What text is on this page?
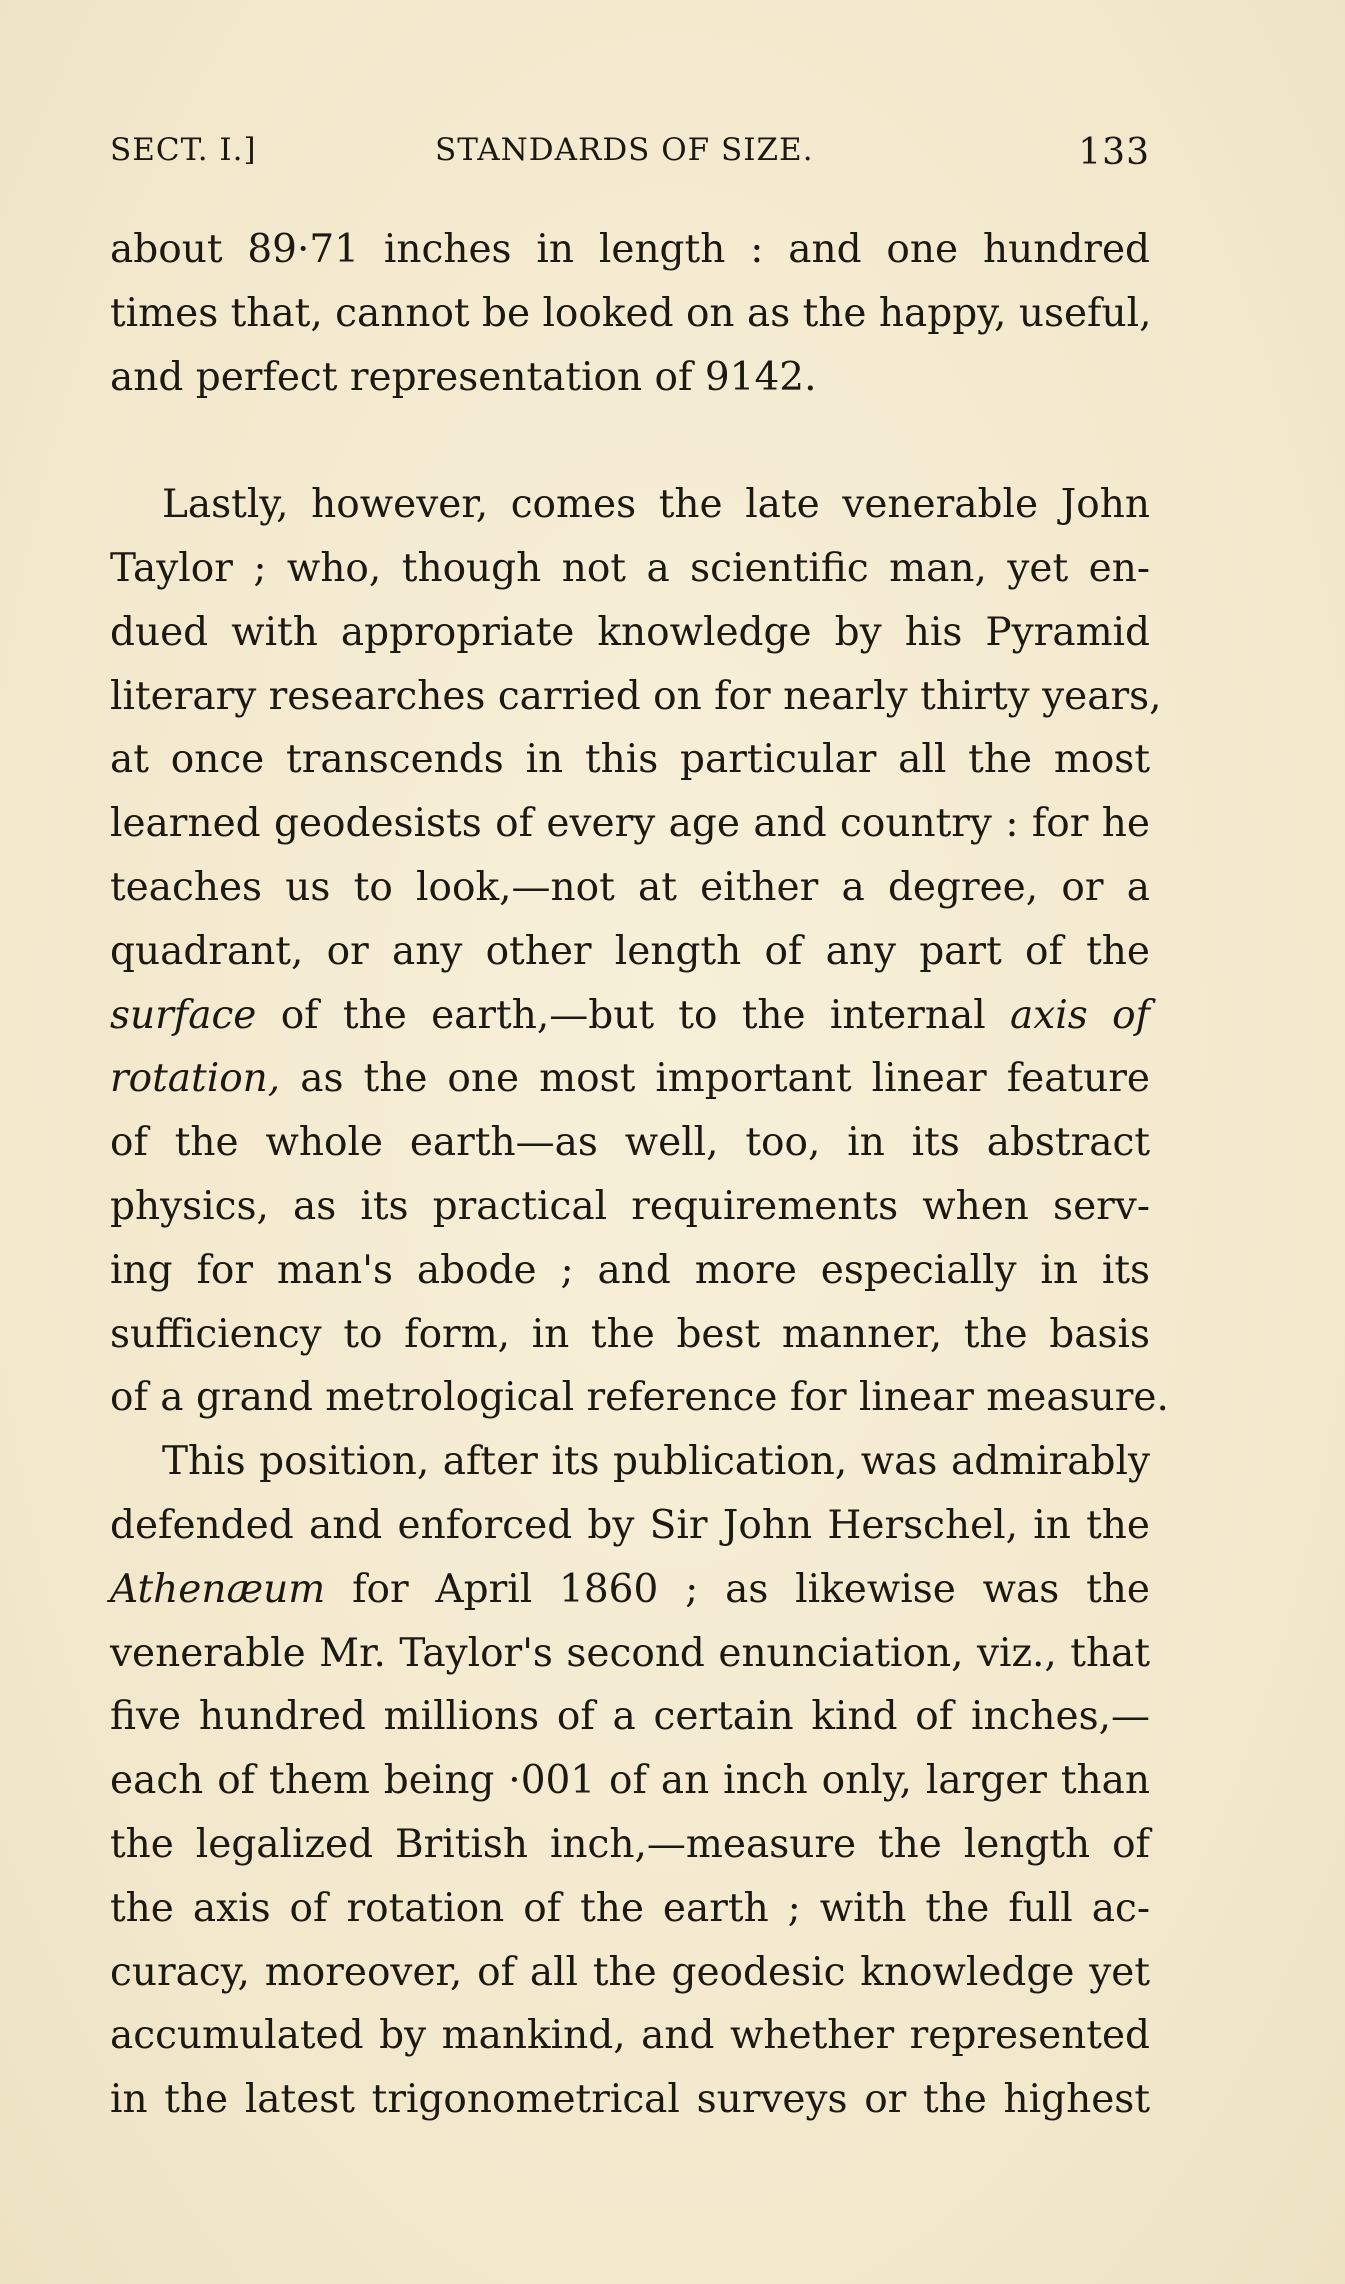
SECT. I.]	STANDARDS OF SIZE.	133
about 89·71 inches in length : and one hundred
times that, cannot be looked on as the happy, useful,
and perfect representation of 9142.
Lastly, however, comes the late venerable John
Taylor ; who, though not a scientific man, yet en-
dued with appropriate knowledge by his Pyramid
literary researches carried on for nearly thirty years,
at once transcends in this particular all the most
learned geodesists of every age and country : for he
teaches us to look,—not at either a degree, or a
quadrant, or any other length of any part of the
surface of the earth,—but to the internal axis of
rotation, as the one most important linear feature
of the whole earth—as well, too, in its abstract
physics, as its practical requirements when serv-
ing for man's abode ; and more especially in its
sufficiency to form, in the best manner, the basis
of a grand metrological reference for linear measure.
This position, after its publication, was admirably
defended and enforced by Sir John Herschel, in the
Athenæum for April 1860 ; as likewise was the
venerable Mr. Taylor's second enunciation, viz., that
five hundred millions of a certain kind of inches,—
each of them being ·001 of an inch only, larger than
the legalized British inch,—measure the length of
the axis of rotation of the earth ; with the full ac-
curacy, moreover, of all the geodesic knowledge yet
accumulated by mankind, and whether represented
in the latest trigonometrical surveys or the highest
